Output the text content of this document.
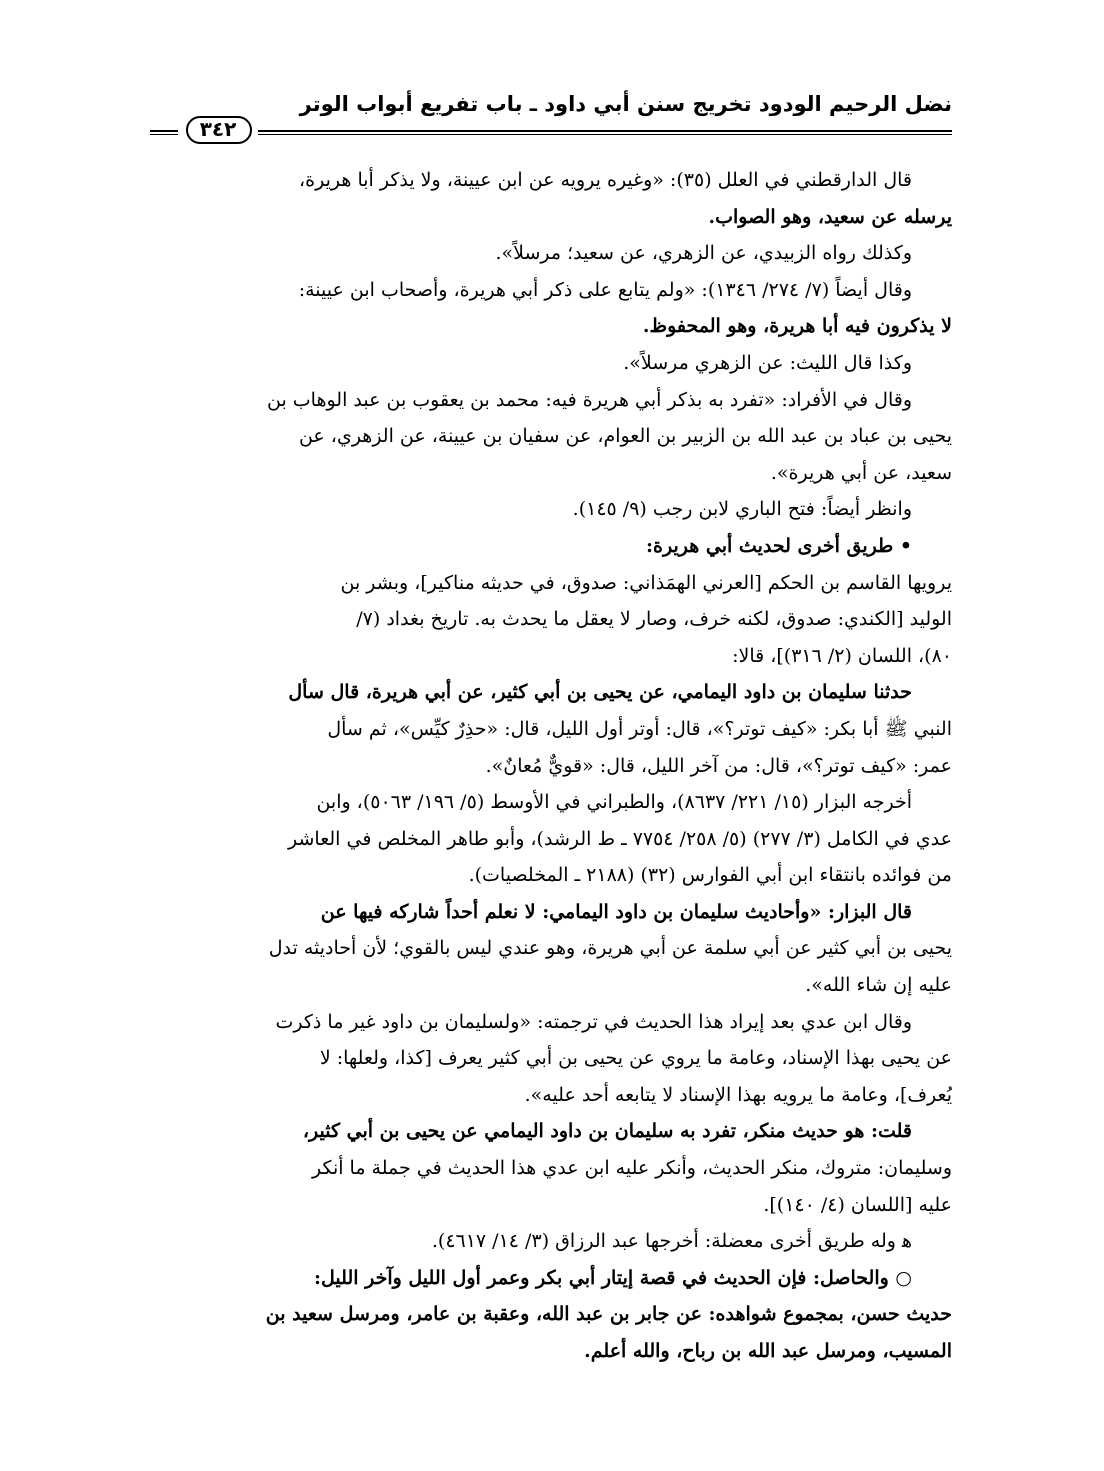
نضل الرحيم الودود تخريج سنن أبي داود ـ باب تفريع أبواب الوتر
٣٤٢

قال الدارقطني في العلل (٣٥): «وغيره يرويه عن ابن عيينة، ولا يذكر أبا هريرة،

يرسله عن سعيد، وهو الصواب.

وكذلك رواه الزبيدي، عن الزهري، عن سعيد؛ مرسلاً».

وقال أيضاً (٧/ ٢٧٤/ ١٣٤٦): «ولم يتابع على ذكر أبي هريرة، وأصحاب ابن عيينة:

لا يذكرون فيه أبا هريرة، وهو المحفوظ.

وكذا قال الليث: عن الزهري مرسلاً».

وقال في الأفراد: «تفرد به بذكر أبي هريرة فيه: محمد بن يعقوب بن عبد الوهاب بن

يحيى بن عباد بن عبد الله بن الزبير بن العوام، عن سفيان بن عيينة، عن الزهري، عن

سعيد، عن أبي هريرة».

وانظر أيضاً: فتح الباري لابن رجب (٩/ ١٤٥).

• طريق أخرى لحديث أبي هريرة:

يرويها القاسم بن الحكم [العرني الهمَذاني: صدوق، في حديثه مناكير]، وبشر بن

الوليد [الكندي: صدوق، لكنه خرف، وصار لا يعقل ما يحدث به. تاريخ بغداد (٧/

٨٠)، اللسان (٢/ ٣١٦)]، قالا:

حدثنا سليمان بن داود اليمامي، عن يحيى بن أبي كثير، عن أبي هريرة، قال سأل

النبي ﷺ أبا بكر: «كيف توتر؟»، قال: أوتر أول الليل، قال: «حذِرٌ كيِّس»، ثم سأل

عمر: «كيف توتر؟»، قال: من آخر الليل، قال: «قويٌّ مُعانٌ».

أخرجه البزار (١٥/ ٢٢١/ ٨٦٣٧)، والطبراني في الأوسط (٥/ ١٩٦/ ٥٠٦٣)، وابن

عدي في الكامل (٣/ ٢٧٧) (٥/ ٢٥٨/ ٧٧٥٤ ـ ط الرشد)، وأبو طاهر المخلص في العاشر

من فوائده بانتقاء ابن أبي الفوارس (٣٢) (٢١٨٨ ـ المخلصيات).

قال البزار: «وأحاديث سليمان بن داود اليمامي: لا نعلم أحداً شاركه فيها عن

يحيى بن أبي كثير عن أبي سلمة عن أبي هريرة، وهو عندي ليس بالقوي؛ لأن أحاديثه تدل

عليه إن شاء الله».

وقال ابن عدي بعد إيراد هذا الحديث في ترجمته: «ولسليمان بن داود غير ما ذكرت

عن يحيى بهذا الإسناد، وعامة ما يروي عن يحيى بن أبي كثير يعرف [كذا، ولعلها: لا

يُعرف]، وعامة ما يرويه بهذا الإسناد لا يتابعه أحد عليه».

قلت: هو حديث منكر، تفرد به سليمان بن داود اليمامي عن يحيى بن أبي كثير،

وسليمان: متروك، منكر الحديث، وأنكر عليه ابن عدي هذا الحديث في جملة ما أنكر

عليه [اللسان (٤/ ١٤٠)].

ﻫ وله طريق أخرى معضلة: أخرجها عبد الرزاق (٣/ ١٤/ ٤٦١٧).

○ والحاصل: فإن الحديث في قصة إيتار أبي بكر وعمر أول الليل وآخر الليل:

حديث حسن، بمجموع شواهده: عن جابر بن عبد الله، وعقبة بن عامر، ومرسل سعيد بن

المسيب، ومرسل عبد الله بن رباح، والله أعلم.
